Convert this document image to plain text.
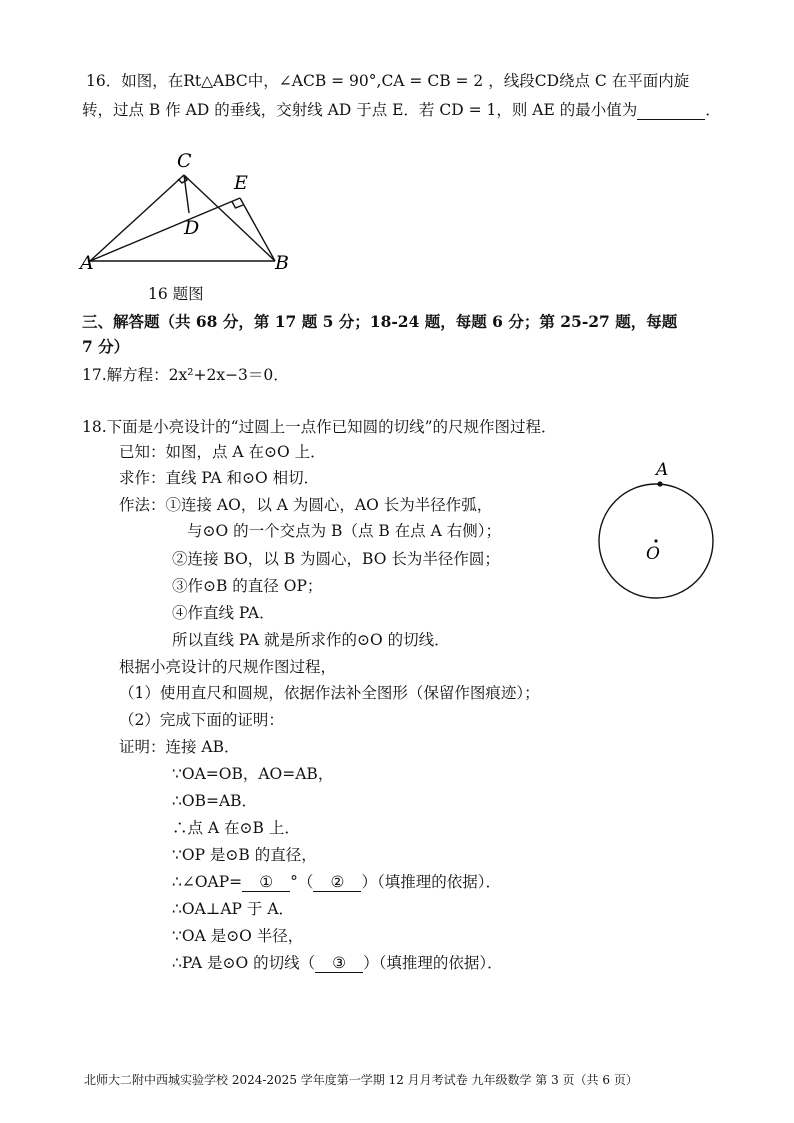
16．如图，在Rt△ABC中，∠ACB = 90°,CA = CB = 2 ，线段CD绕点 C 在平面内旋
转，过点 B 作 AD 的垂线，交射线 AD 于点 E．若 CD = 1，则 AE 的最小值为	．
C
E
D
A	B
16 题图
三、解答题（共 68 分，第 17 题 5 分；18-24 题，每题 6 分；第 25-27 题，每题
7 分）
17.解方程：2x²+2x−3＝0．
18.下面是小亮设计的“过圆上一点作已知圆的切线”的尺规作图过程．
已知：如图，点 A 在⊙O 上．
求作：直线 PA 和⊙O 相切．
作法：①连接 AO，以 A 为圆心，AO 长为半径作弧，
与⊙O 的一个交点为 B（点 B 在点 A 右侧）；
②连接 BO，以 B 为圆心，BO 长为半径作圆；
③作⊙B 的直径 OP；
④作直线 PA．
所以直线 PA 就是所求作的⊙O 的切线．
A
O
根据小亮设计的尺规作图过程，
（1）使用直尺和圆规，依据作法补全图形（保留作图痕迹）；
（2）完成下面的证明：
证明：连接 AB．
∵OA=OB，AO=AB，
∴OB=AB．
∴点 A 在⊙B 上．
∵OP 是⊙B 的直径，
∴∠OAP= ① °（ ② ）（填推理的依据）．
∴OA⊥AP 于 A．
∵OA 是⊙O 半径，
∴PA 是⊙O 的切线（ ③ ）（填推理的依据）．
北师大二附中西城实验学校 2024-2025 学年度第一学期 12 月月考试卷 九年级数学 第 3 页（共 6 页）
